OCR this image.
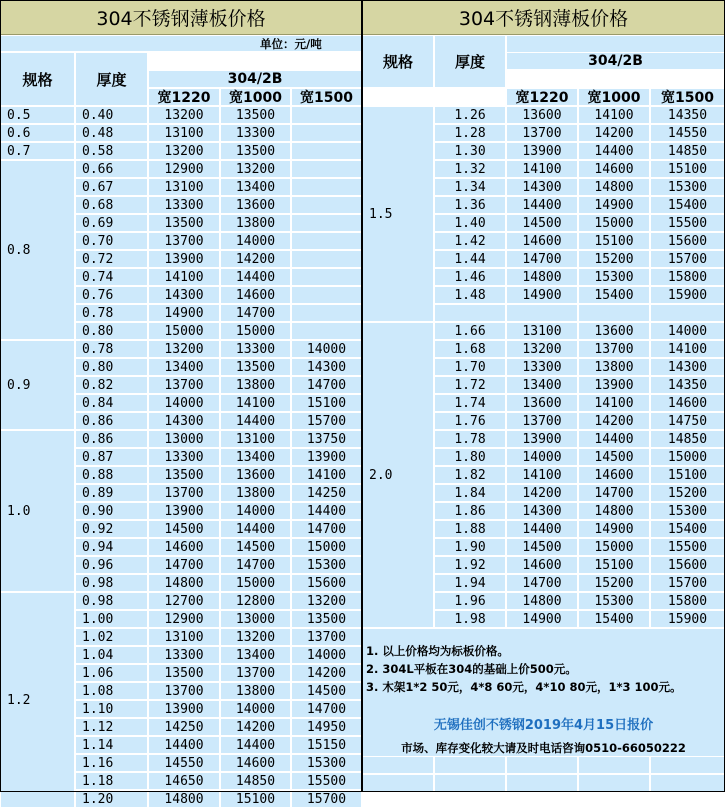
304不锈钢薄板价格
单位：元/吨
规格	厚度	304/2B
宽1220	宽1000	宽1500
0.5	0.40	13200	13500
0.6	0.48	13100	13300
0.7	0.58	13200	13500
0.8
0.66	12900	13200
0.67	13100	13400
0.68	13300	13600
0.69	13500	13800
0.70	13700	14000
0.72	13900	14200
0.74	14100	14400
0.76	14300	14600
0.78	14900	14700
0.80	15000	15000
0.9
0.78	13200	13300	14000
0.80	13400	13500	14300
0.82	13700	13800	14700
0.84	14000	14100	15100
0.86	14300	14400	15700
1.0
0.86	13000	13100	13750
0.87	13300	13400	13900
0.88	13500	13600	14100
0.89	13700	13800	14250
0.90	13900	14000	14400
0.92	14500	14400	14700
0.94	14600	14500	15000
0.96	14700	14700	15300
0.98	14800	15000	15600
1.2
0.98	12700	12800	13200
1.00	12900	13000	13500
1.02	13100	13200	13700
1.04	13300	13400	14000
1.06	13500	13700	14200
1.08	13700	13800	14500
1.10	13900	14000	14700
1.12	14250	14200	14950
1.14	14400	14400	15150
1.16	14550	14600	15300
1.18	14650	14850	15500
1.20	14800	15100	15700
304不锈钢薄板价格
规格	厚度	304/2B
宽1220	宽1000	宽1500
1.5
1.26	13600	14100	14350
1.28	13700	14200	14550
1.30	13900	14400	14850
1.32	14100	14600	15100
1.34	14300	14800	15300
1.36	14400	14900	15400
1.40	14500	15000	15500
1.42	14600	15100	15600
1.44	14700	15200	15700
1.46	14800	15300	15800
1.48	14900	15400	15900
2.0
1.66	13100	13600	14000
1.68	13200	13700	14100
1.70	13300	13800	14300
1.72	13400	13900	14350
1.74	13600	14100	14600
1.76	13700	14200	14750
1.78	13900	14400	14850
1.80	14000	14500	15000
1.82	14100	14600	15100
1.84	14200	14700	15200
1.86	14300	14800	15300
1.88	14400	14900	15400
1.90	14500	15000	15500
1.92	14600	15100	15600
1.94	14700	15200	15700
1.96	14800	15300	15800
1.98	14900	15400	15900
1. 以上价格均为标板价格。
2. 304L平板在304的基础上价500元。
3. 木架1*2 50元，4*8 60元，4*10 80元，1*3 100元。
无锡佳创不锈钢2019年4月15日报价
市场、库存变化较大请及时电话咨询0510-66050222
